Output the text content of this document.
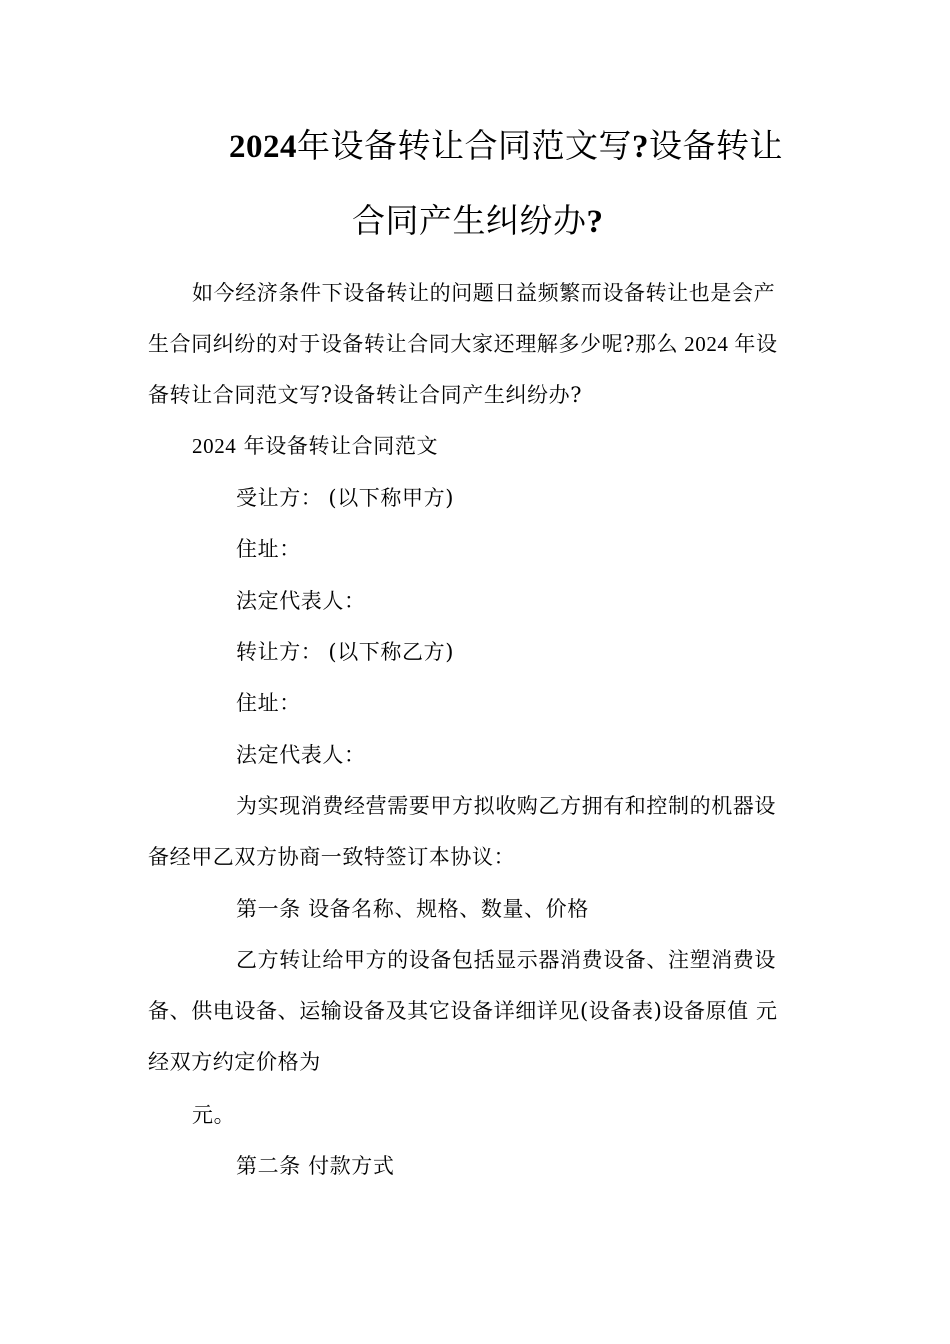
2024年设备转让合同范文写?设备转让
合同产生纠纷办?
如今经济条件下设备转让的问题日益频繁而设备转让也是会产
生合同纠纷的对于设备转让合同大家还理解多少呢?那么 2024 年设
备转让合同范文写?设备转让合同产生纠纷办?
2024 年设备转让合同范文
受让方： (以下称甲方)
住址：
法定代表人：
转让方： (以下称乙方)
住址：
法定代表人：
为实现消费经营需要甲方拟收购乙方拥有和控制的机器设
备经甲乙双方协商一致特签订本协议：
第一条 设备名称、规格、数量、价格
乙方转让给甲方的设备包括显示器消费设备、注塑消费设
备、供电设备、运输设备及其它设备详细详见(设备表)设备原值 元
经双方约定价格为
元。
第二条 付款方式
